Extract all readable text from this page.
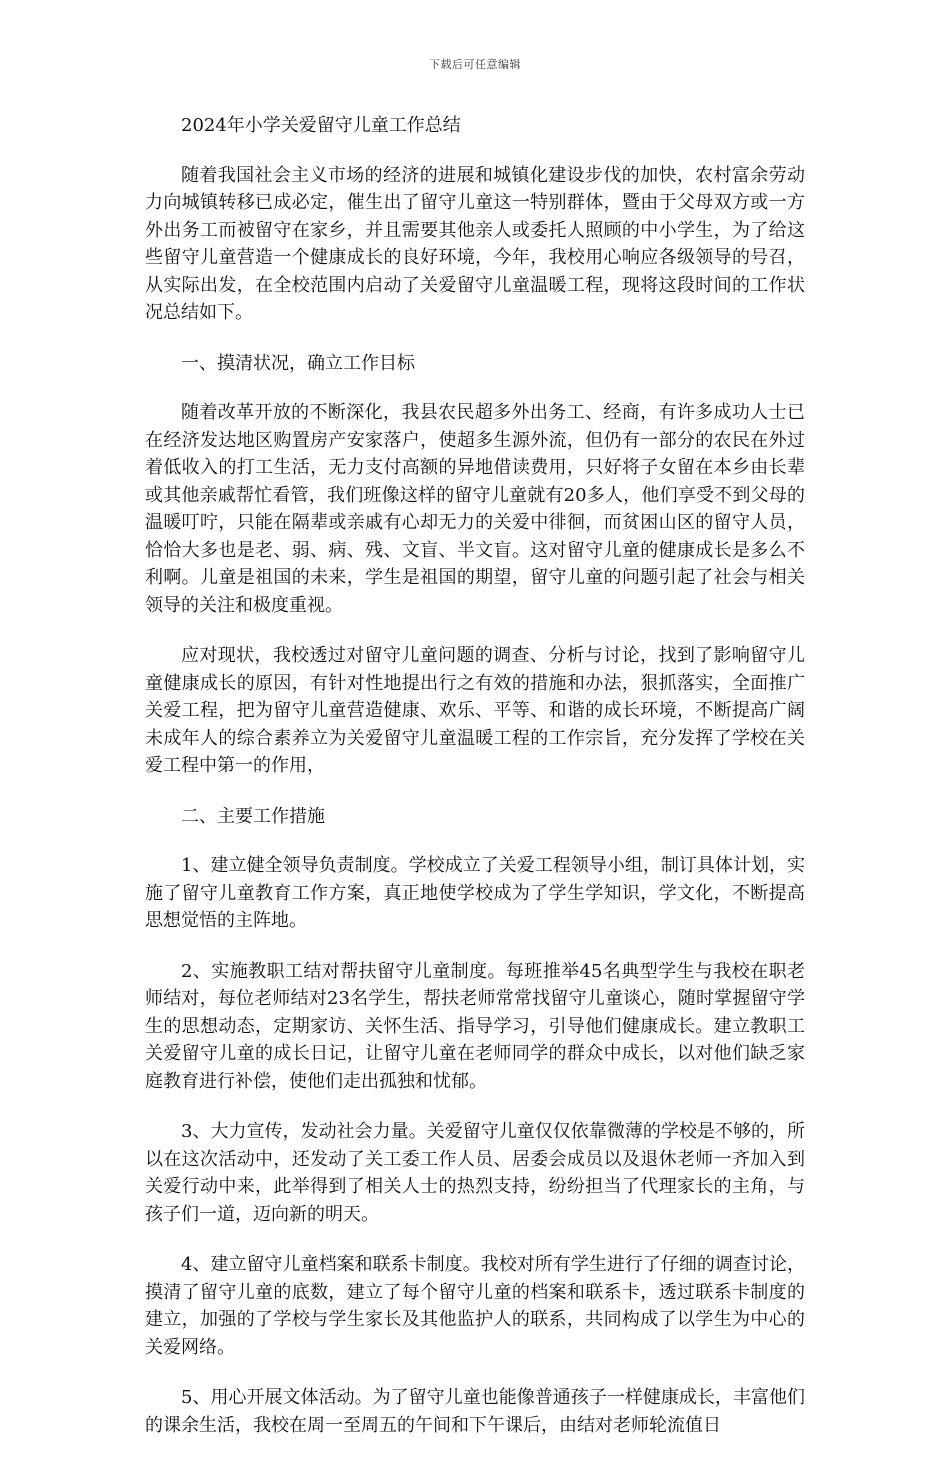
下载后可任意编辑

2024年小学关爱留守儿童工作总结

随着我国社会主义市场的经济的进展和城镇化建设步伐的加快，农村富余劳动力向城镇转移已成必定，催生出了留守儿童这一特别群体，暨由于父母双方或一方外出务工而被留守在家乡，并且需要其他亲人或委托人照顾的中小学生，为了给这些留守儿童营造一个健康成长的良好环境，今年，我校用心响应各级领导的号召，从实际出发，在全校范围内启动了关爱留守儿童温暖工程，现将这段时间的工作状况总结如下。

一、摸清状况，确立工作目标

随着改革开放的不断深化，我县农民超多外出务工、经商，有许多成功人士已在经济发达地区购置房产安家落户，使超多生源外流，但仍有一部分的农民在外过着低收入的打工生活，无力支付高额的异地借读费用，只好将子女留在本乡由长辈或其他亲戚帮忙看管，我们班像这样的留守儿童就有20多人，他们享受不到父母的温暖叮咛，只能在隔辈或亲戚有心却无力的关爱中徘徊，而贫困山区的留守人员，恰恰大多也是老、弱、病、残、文盲、半文盲。这对留守儿童的健康成长是多么不利啊。儿童是祖国的未来，学生是祖国的期望，留守儿童的问题引起了社会与相关领导的关注和极度重视。

应对现状，我校透过对留守儿童问题的调查、分析与讨论，找到了影响留守儿童健康成长的原因，有针对性地提出行之有效的措施和办法，狠抓落实，全面推广关爱工程，把为留守儿童营造健康、欢乐、平等、和谐的成长环境，不断提高广阔未成年人的综合素养立为关爱留守儿童温暖工程的工作宗旨，充分发挥了学校在关爱工程中第一的作用，

二、主要工作措施

1、建立健全领导负责制度。学校成立了关爱工程领导小组，制订具体计划，实施了留守儿童教育工作方案，真正地使学校成为了学生学知识，学文化，不断提高思想觉悟的主阵地。

2、实施教职工结对帮扶留守儿童制度。每班推举45名典型学生与我校在职老师结对，每位老师结对23名学生，帮扶老师常常找留守儿童谈心，随时掌握留守学生的思想动态，定期家访、关怀生活、指导学习，引导他们健康成长。建立教职工关爱留守儿童的成长日记，让留守儿童在老师同学的群众中成长，以对他们缺乏家庭教育进行补偿，使他们走出孤独和忧郁。

3、大力宣传，发动社会力量。关爱留守儿童仅仅依靠微薄的学校是不够的，所以在这次活动中，还发动了关工委工作人员、居委会成员以及退休老师一齐加入到关爱行动中来，此举得到了相关人士的热烈支持，纷纷担当了代理家长的主角，与孩子们一道，迈向新的明天。

4、建立留守儿童档案和联系卡制度。我校对所有学生进行了仔细的调查讨论，摸清了留守儿童的底数，建立了每个留守儿童的档案和联系卡，透过联系卡制度的建立，加强的了学校与学生家长及其他监护人的联系，共同构成了以学生为中心的关爱网络。

5、用心开展文体活动。为了留守儿童也能像普通孩子一样健康成长，丰富他们的课余生活，我校在周一至周五的午间和下午课后，由结对老师轮流值日
